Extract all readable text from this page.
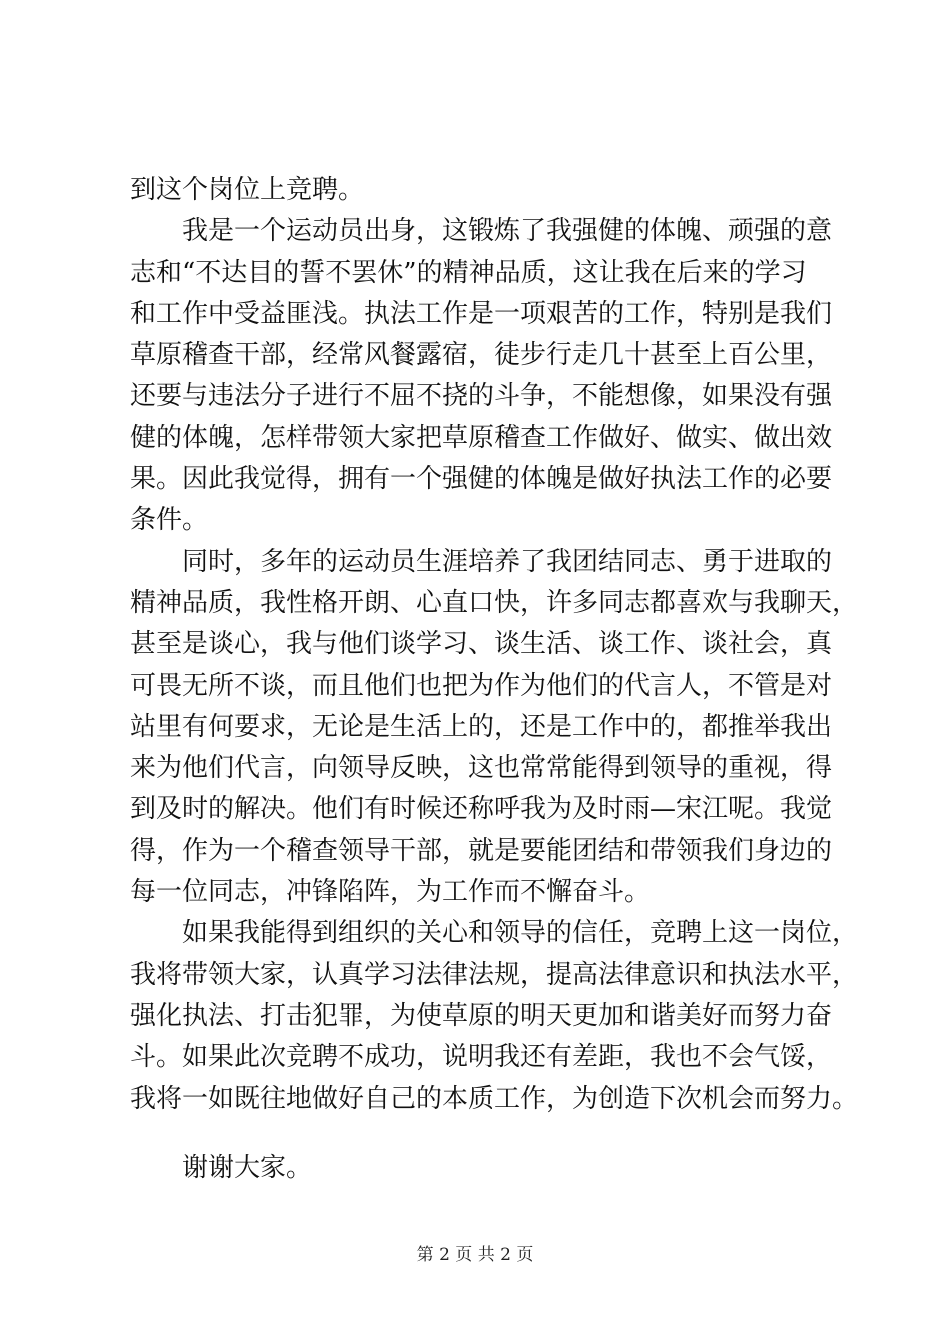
到这个岗位上竞聘。
我是一个运动员出身，这锻炼了我强健的体魄、顽强的意
志和“不达目的誓不罢休”的精神品质，这让我在后来的学习
和工作中受益匪浅。执法工作是一项艰苦的工作，特别是我们
草原稽查干部，经常风餐露宿，徒步行走几十甚至上百公里，
还要与违法分子进行不屈不挠的斗争，不能想像，如果没有强
健的体魄，怎样带领大家把草原稽查工作做好、做实、做出效
果。因此我觉得，拥有一个强健的体魄是做好执法工作的必要
条件。
同时，多年的运动员生涯培养了我团结同志、勇于进取的
精神品质，我性格开朗、心直口快，许多同志都喜欢与我聊天，
甚至是谈心，我与他们谈学习、谈生活、谈工作、谈社会，真
可畏无所不谈，而且他们也把为作为他们的代言人，不管是对
站里有何要求，无论是生活上的，还是工作中的，都推举我出
来为他们代言，向领导反映，这也常常能得到领导的重视，得
到及时的解决。他们有时候还称呼我为及时雨—宋江呢。我觉
得，作为一个稽查领导干部，就是要能团结和带领我们身边的
每一位同志，冲锋陷阵，为工作而不懈奋斗。
如果我能得到组织的关心和领导的信任，竞聘上这一岗位，
我将带领大家，认真学习法律法规，提高法律意识和执法水平，
强化执法、打击犯罪，为使草原的明天更加和谐美好而努力奋
斗。如果此次竞聘不成功，说明我还有差距，我也不会气馁，
我将一如既往地做好自己的本质工作，为创造下次机会而努力。
谢谢大家。
第 2 页 共 2 页
